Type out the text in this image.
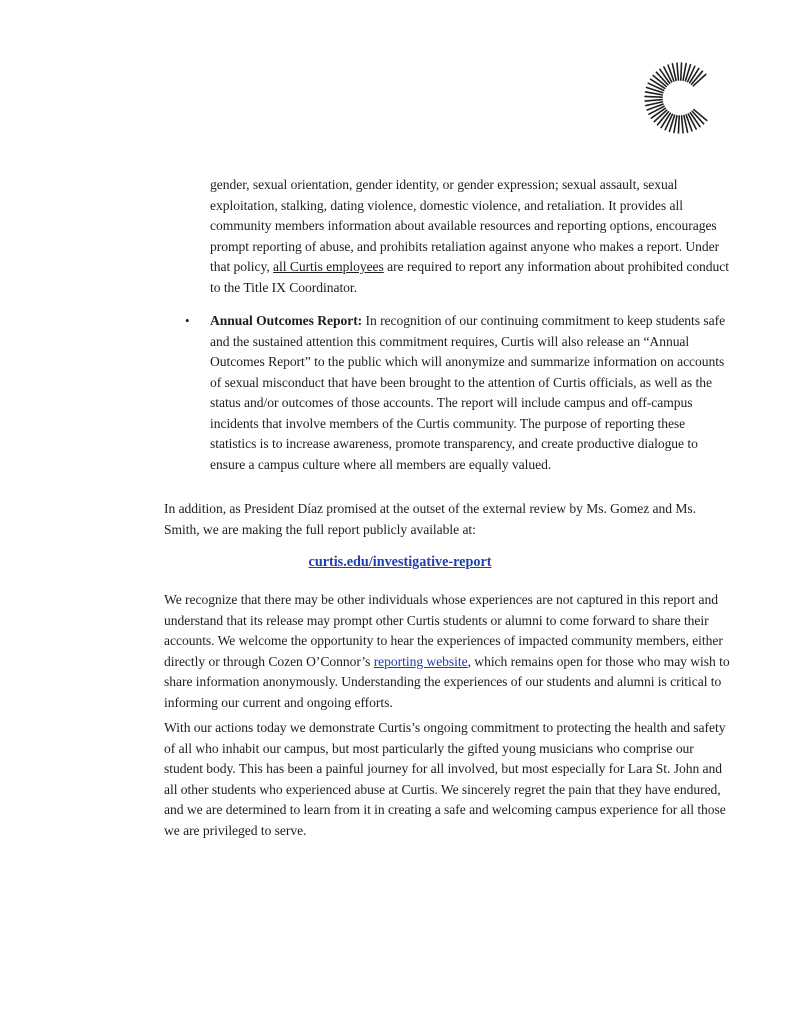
gender, sexual orientation, gender identity, or gender expression; sexual assault, sexual exploitation, stalking, dating violence, domestic violence, and retaliation. It provides all community members information about available resources and reporting options, encourages prompt reporting of abuse, and prohibits retaliation against anyone who makes a report. Under that policy, all Curtis employees are required to report any information about prohibited conduct to the Title IX Coordinator.

• Annual Outcomes Report: In recognition of our continuing commitment to keep students safe and the sustained attention this commitment requires, Curtis will also release an “Annual Outcomes Report” to the public which will anonymize and summarize information on accounts of sexual misconduct that have been brought to the attention of Curtis officials, as well as the status and/or outcomes of those accounts. The report will include campus and off-campus incidents that involve members of the Curtis community. The purpose of reporting these statistics is to increase awareness, promote transparency, and create productive dialogue to ensure a campus culture where all members are equally valued.

In addition, as President Díaz promised at the outset of the external review by Ms. Gomez and Ms. Smith, we are making the full report publicly available at:

curtis.edu/investigative-report

We recognize that there may be other individuals whose experiences are not captured in this report and understand that its release may prompt other Curtis students or alumni to come forward to share their accounts. We welcome the opportunity to hear the experiences of impacted community members, either directly or through Cozen O’Connor’s reporting website, which remains open for those who may wish to share information anonymously. Understanding the experiences of our students and alumni is critical to informing our current and ongoing efforts.

With our actions today we demonstrate Curtis’s ongoing commitment to protecting the health and safety of all who inhabit our campus, but most particularly the gifted young musicians who comprise our student body. This has been a painful journey for all involved, but most especially for Lara St. John and all other students who experienced abuse at Curtis. We sincerely regret the pain that they have endured, and we are determined to learn from it in creating a safe and welcoming campus experience for all those we are privileged to serve.
